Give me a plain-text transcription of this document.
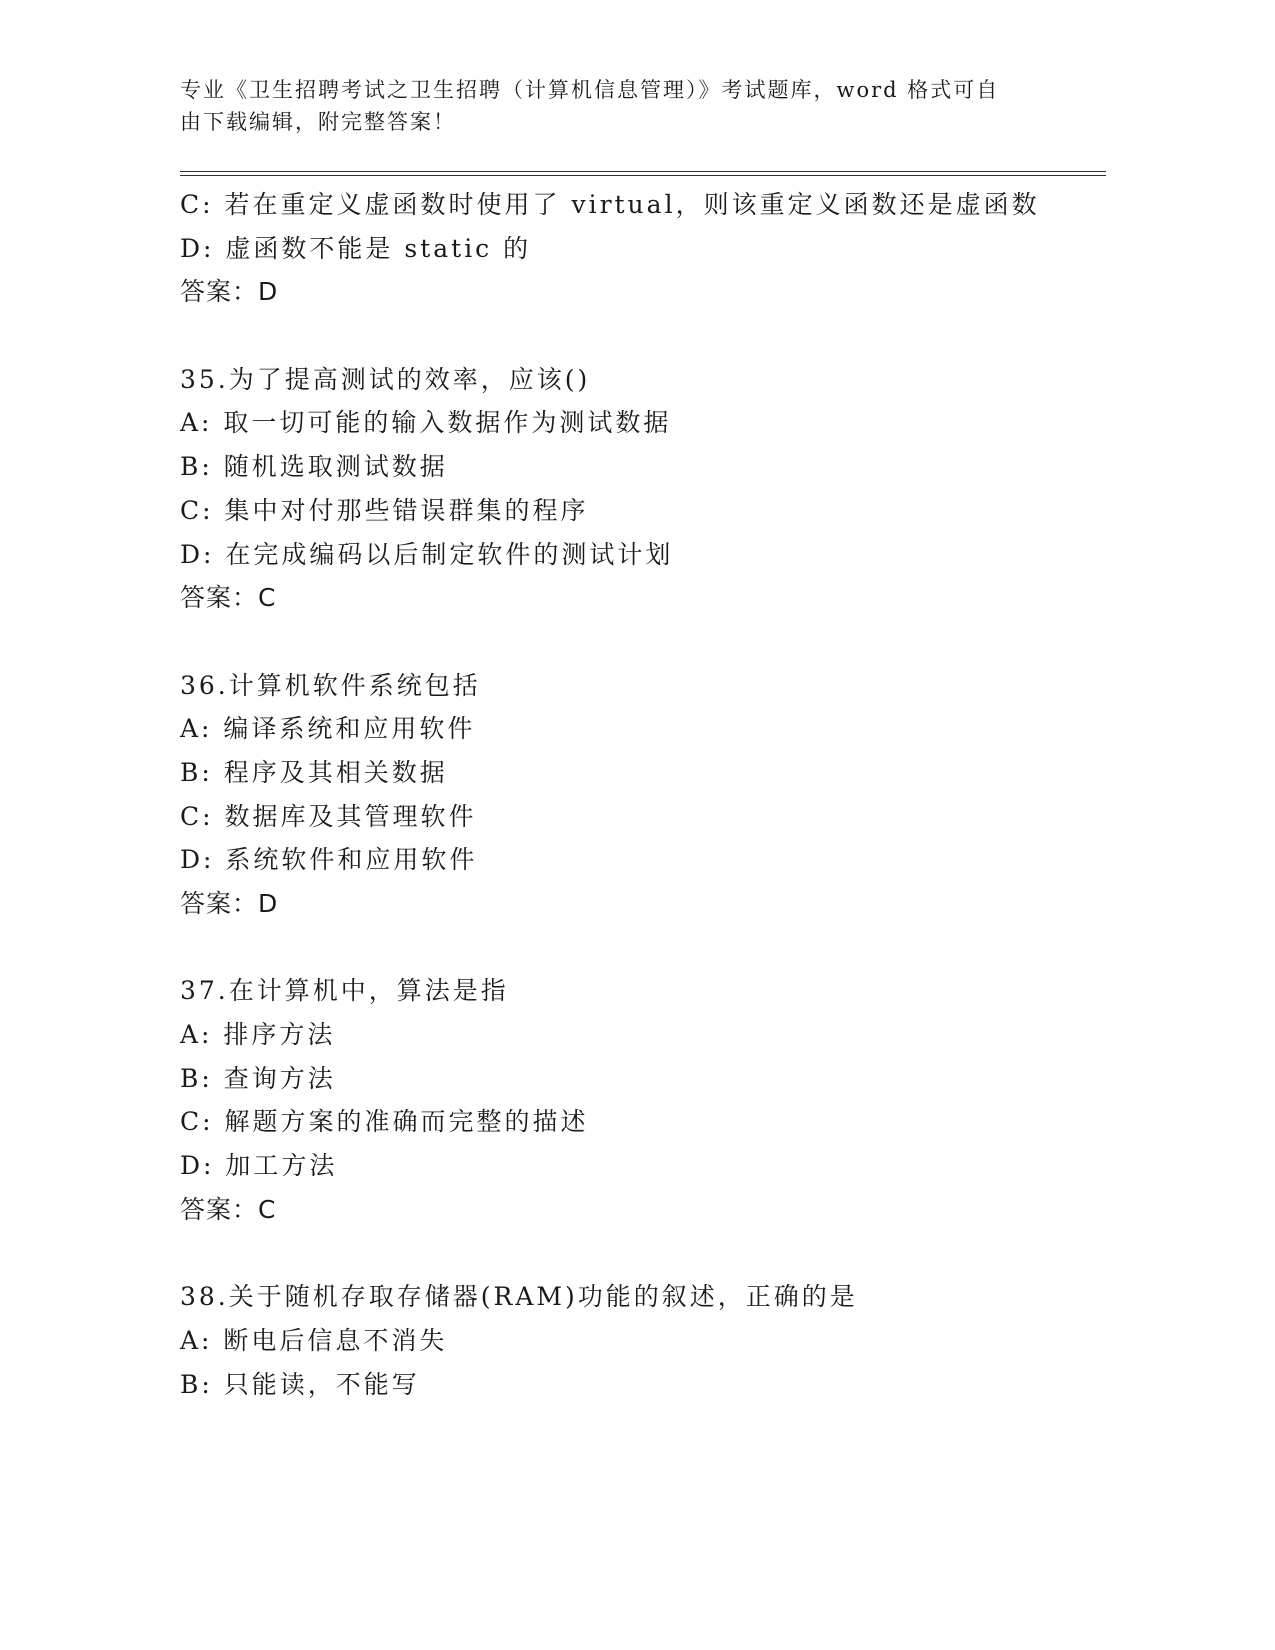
专业《卫生招聘考试之卫生招聘（计算机信息管理）》考试题库，word 格式可自
由下载编辑，附完整答案！
C: 若在重定义虚函数时使用了 virtual，则该重定义函数还是虚函数
D: 虚函数不能是 static 的
答案：D
35.为了提高测试的效率，应该()
A: 取一切可能的输入数据作为测试数据
B: 随机选取测试数据
C: 集中对付那些错误群集的程序
D: 在完成编码以后制定软件的测试计划
答案：C
36.计算机软件系统包括
A: 编译系统和应用软件
B: 程序及其相关数据
C: 数据库及其管理软件
D: 系统软件和应用软件
答案：D
37.在计算机中，算法是指
A: 排序方法
B: 查询方法
C: 解题方案的准确而完整的描述
D: 加工方法
答案：C
38.关于随机存取存储器(RAM)功能的叙述，正确的是
A: 断电后信息不消失
B: 只能读，不能写
